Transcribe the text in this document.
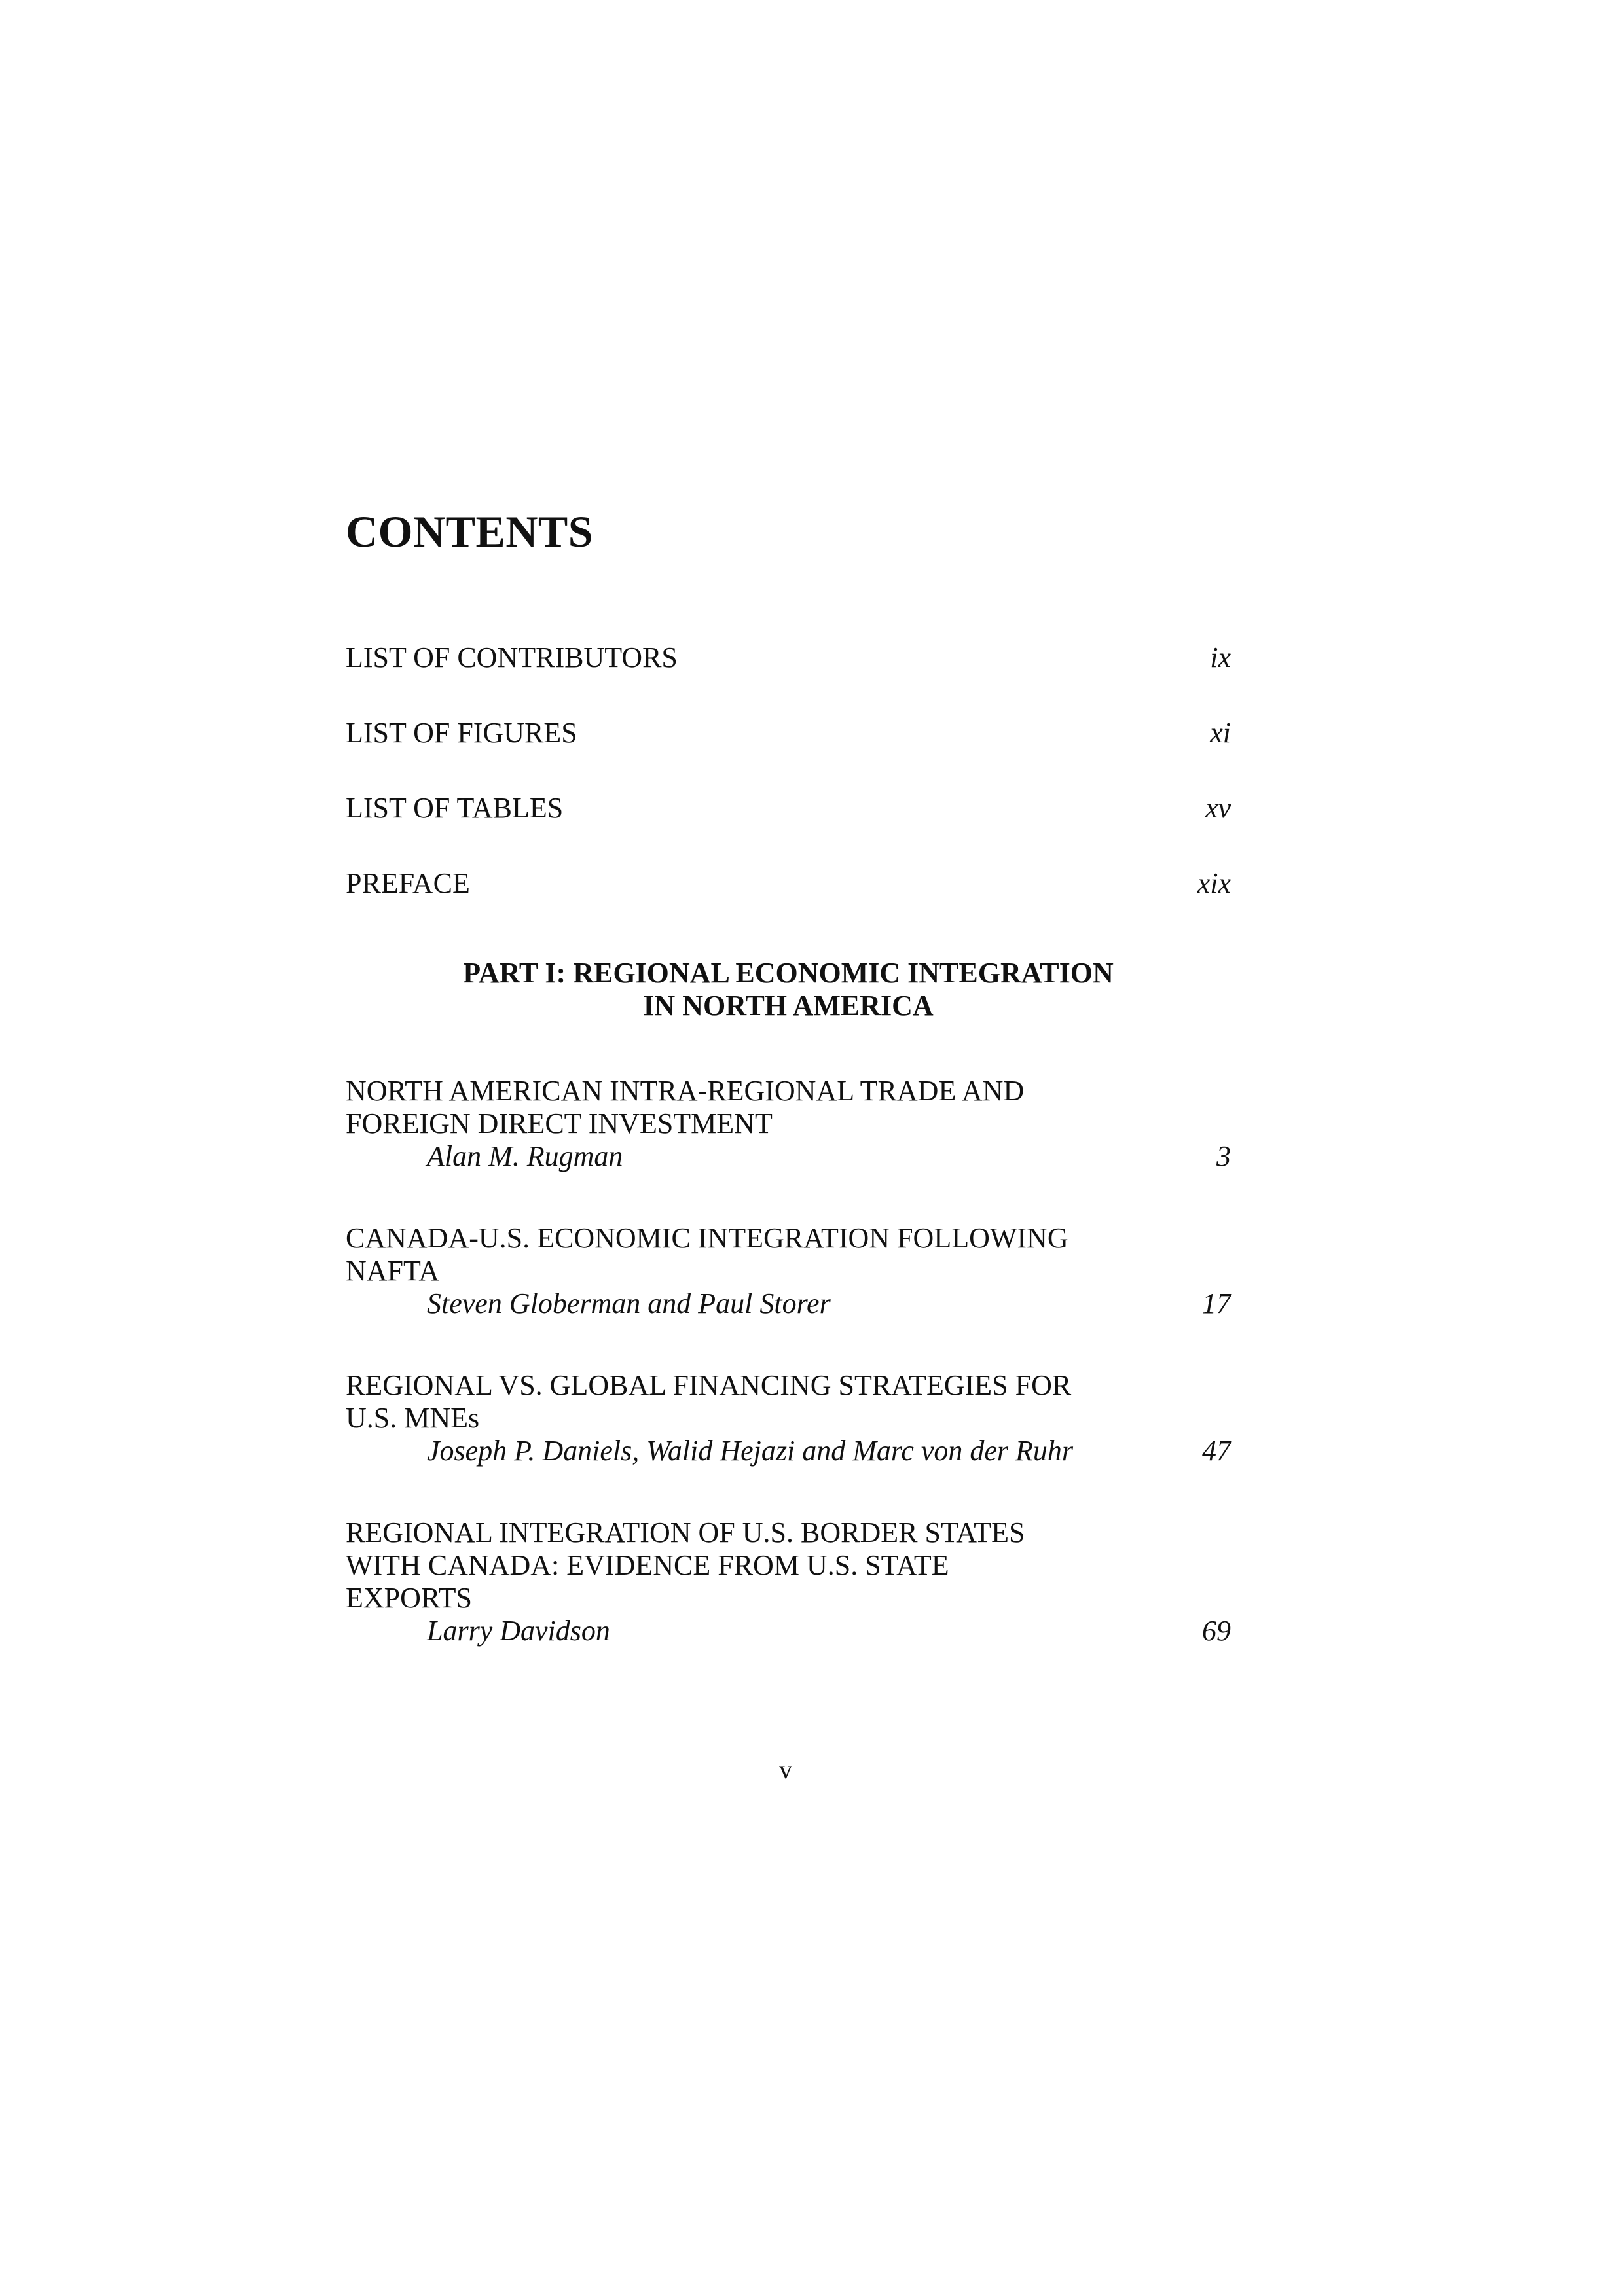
CONTENTS
LIST OF CONTRIBUTORS	ix
LIST OF FIGURES	xi
LIST OF TABLES	xv
PREFACE	xix
PART I: REGIONAL ECONOMIC INTEGRATION
IN NORTH AMERICA
NORTH AMERICAN INTRA-REGIONAL TRADE AND
FOREIGN DIRECT INVESTMENT
Alan M. Rugman	3
CANADA-U.S. ECONOMIC INTEGRATION FOLLOWING
NAFTA
Steven Globerman and Paul Storer	17
REGIONAL VS. GLOBAL FINANCING STRATEGIES FOR
U.S. MNEs
Joseph P. Daniels, Walid Hejazi and Marc von der Ruhr	47
REGIONAL INTEGRATION OF U.S. BORDER STATES
WITH CANADA: EVIDENCE FROM U.S. STATE
EXPORTS
Larry Davidson	69
v
